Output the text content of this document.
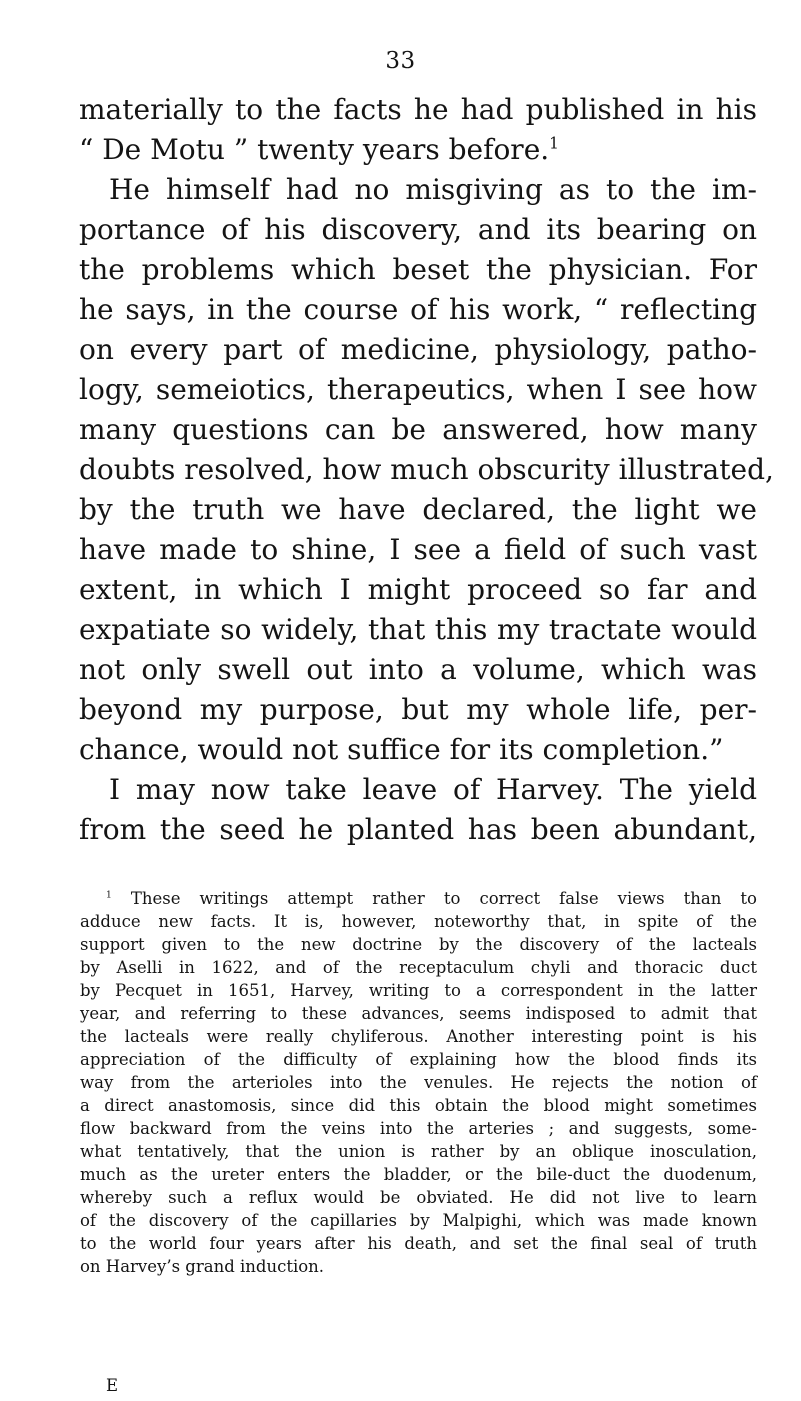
33
materially to the facts he had published in his
“ De Motu ” twenty years before.$^1$
He himself had no misgiving as to the im-
portance of his discovery, and its bearing on
the problems which beset the physician. For
he says, in the course of his work, “ reflecting
on every part of medicine, physiology, patho-
logy, semeiotics, therapeutics, when I see how
many questions can be answered, how many
doubts resolved, how much obscurity illustrated,
by the truth we have declared, the light we
have made to shine, I see a field of such vast
extent, in which I might proceed so far and
expatiate so widely, that this my tractate would
not only swell out into a volume, which was
beyond my purpose, but my whole life, per-
chance, would not suffice for its completion.”
I may now take leave of Harvey. The yield
from the seed he planted has been abundant,
$^1$ These writings attempt rather to correct false views than to
adduce new facts. It is, however, noteworthy that, in spite of the
support given to the new doctrine by the discovery of the lacteals
by Aselli in 1622, and of the receptaculum chyli and thoracic duct
by Pecquet in 1651, Harvey, writing to a correspondent in the latter
year, and referring to these advances, seems indisposed to admit that
the lacteals were really chyliferous. Another interesting point is his
appreciation of the difficulty of explaining how the blood finds its
way from the arterioles into the venules. He rejects the notion of
a direct anastomosis, since did this obtain the blood might sometimes
flow backward from the veins into the arteries ; and suggests, some-
what tentatively, that the union is rather by an oblique inosculation,
much as the ureter enters the bladder, or the bile-duct the duodenum,
whereby such a reflux would be obviated. He did not live to learn
of the discovery of the capillaries by Malpighi, which was made known
to the world four years after his death, and set the final seal of truth
on Harvey’s grand induction.
E
